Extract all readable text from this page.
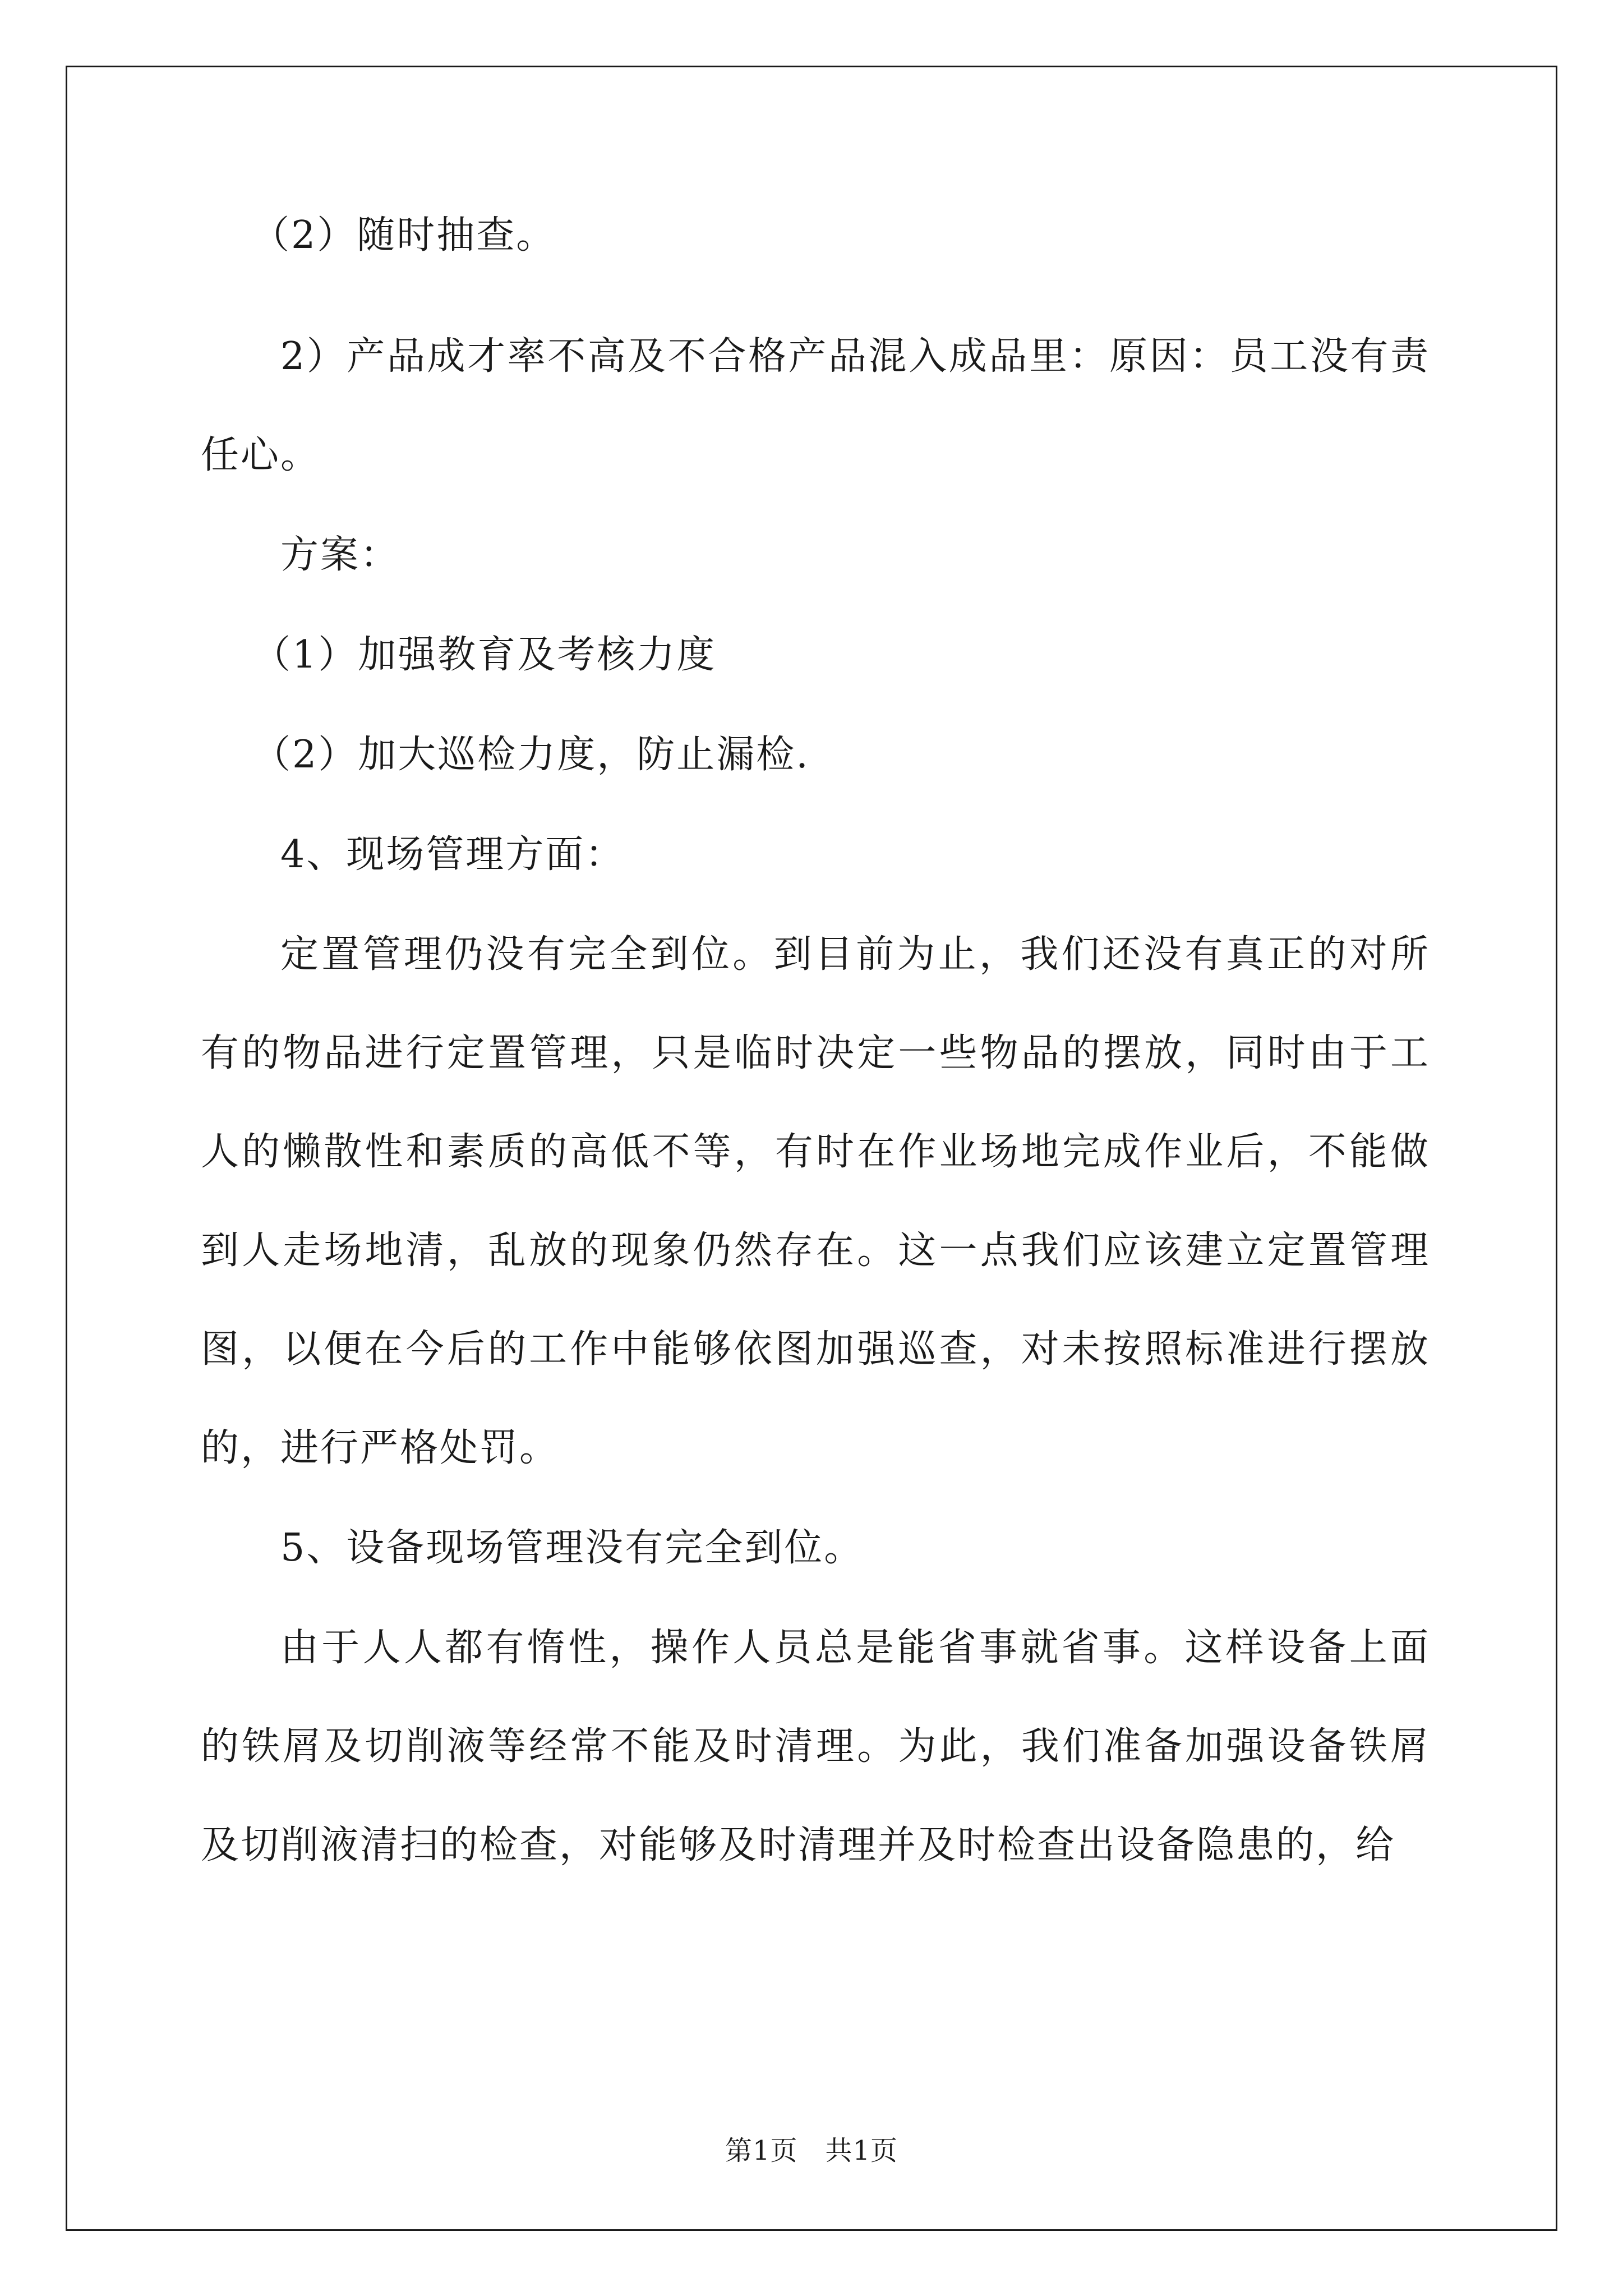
（2）随时抽查。

2）产品成才率不高及不合格产品混入成品里：原因：员工没有责任心。

方案：

（1）加强教育及考核力度

（2）加大巡检力度，防止漏检.

4、现场管理方面：

定置管理仍没有完全到位。到目前为止，我们还没有真正的对所有的物品进行定置管理，只是临时决定一些物品的摆放，同时由于工人的懒散性和素质的高低不等，有时在作业场地完成作业后，不能做到人走场地清，乱放的现象仍然存在。这一点我们应该建立定置管理图，以便在今后的工作中能够依图加强巡查，对未按照标准进行摆放的，进行严格处罚。

5、设备现场管理没有完全到位。

由于人人都有惰性，操作人员总是能省事就省事。这样设备上面的铁屑及切削液等经常不能及时清理。为此，我们准备加强设备铁屑及切削液清扫的检查，对能够及时清理并及时检查出设备隐患的，给

第1页　共1页
